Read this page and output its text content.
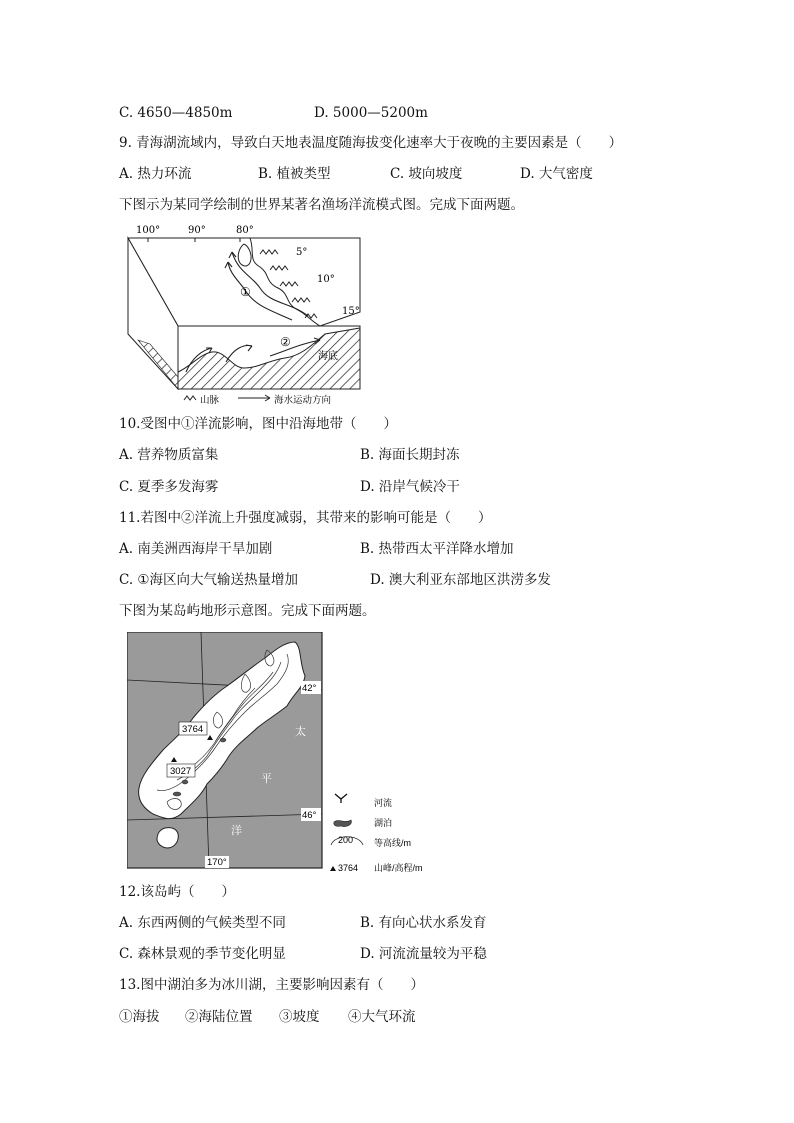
C. 4650—4850m	D. 5000—5200m
9. 青海湖流域内，导致白天地表温度随海拔变化速率大于夜晚的主要因素是（　　）
A. 热力环流	B. 植被类型	C. 坡向坡度	D. 大气密度
下图示为某同学绘制的世界某著名渔场洋流模式图。完成下面两题。
100°	90°	80°
5°
10°
15°
①
②
海底
山脉	海水运动方向
10.受图中①洋流影响，图中沿海地带（　　）
A. 营养物质富集	B. 海面长期封冻
C. 夏季多发海雾	D. 沿岸气候冷干
11.若图中②洋流上升强度减弱，其带来的影响可能是（　　）
A. 南美洲西海岸干旱加剧	B. 热带西太平洋降水增加
C. ①海区向大气输送热量增加	D. 澳大利亚东部地区洪涝多发
下图为某岛屿地形示意图。完成下面两题。
3764
3027
42°
46°
170°
太
平
洋
河流
湖泊
200 等高线/m
3764 山峰/高程/m
12.该岛屿（　　）
A. 东西两侧的气候类型不同	B. 有向心状水系发育
C. 森林景观的季节变化明显	D. 河流流量较为平稳
13.图中湖泊多为冰川湖，主要影响因素有（　　）
①海拔 ②海陆位置 ③坡度 ④大气环流
